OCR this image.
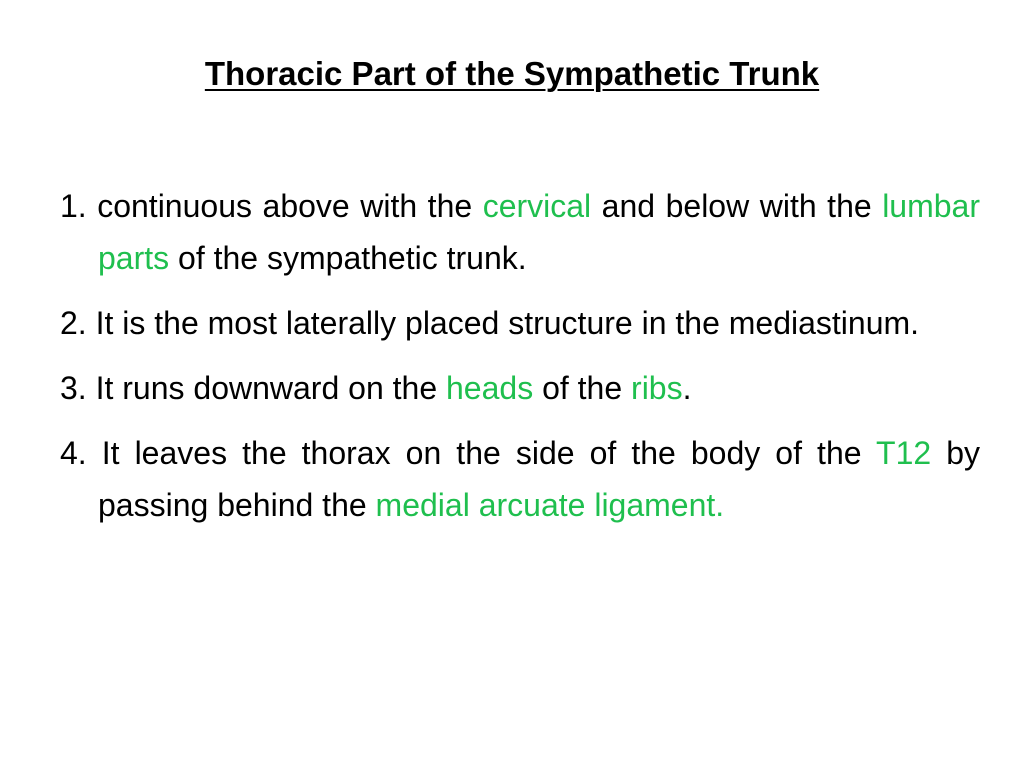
Thoracic Part of the Sympathetic Trunk
1. continuous above with the cervical and below with the lumbar parts of the sympathetic trunk.
2. It is the most laterally placed structure in the mediastinum.
3. It runs downward on the heads of the ribs.
4. It leaves the thorax on the side of the body of the T12 by passing behind the medial arcuate ligament.
